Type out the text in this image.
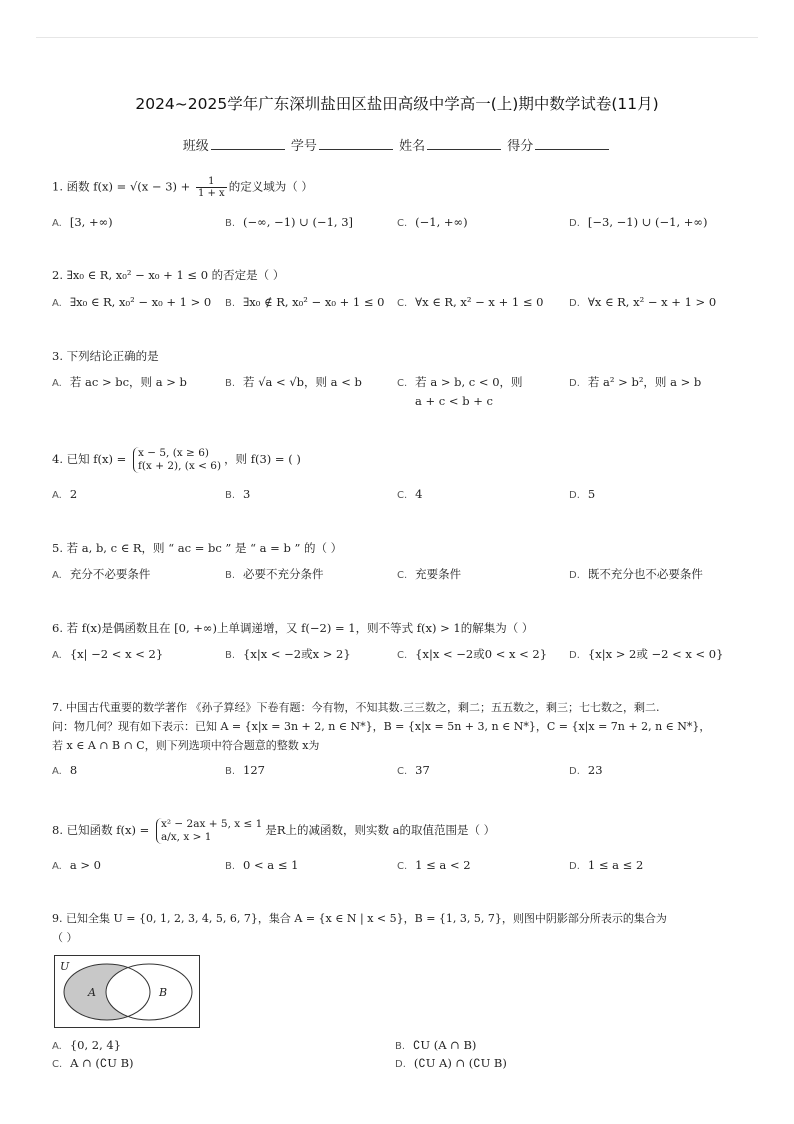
2024~2025学年广东深圳盐田区盐田高级中学高一(上)期中数学试卷(11月)
班级	学号	姓名	得分
1. 函数 $f(x) = √(x - 3) + \frac{1}{1 + x}$ 的定义域为（ ）
A. [3, +∞)	B. (−∞, −1) ∪ (−1, 3]	C. (−1, +∞)	D. [−3, −1) ∪ (−1, +∞)
2. ∃x₀ ∈ R, x₀² − x₀ + 1 ≤ 0 的否定是（ ）
A. ∃x₀ ∈ R, x₀² − x₀ + 1 > 0 B. ∃x₀ ∉ R, x₀² − x₀ + 1 ≤ 0 C. ∀x ∈ R, x² − x + 1 ≤ 0	D. ∀x ∈ R, x² − x + 1 > 0
3. 下列结论正确的是
A. 若 ac > bc，则 a > b	B. 若 √a < √b，则 a < b	C. 若 a > b, c < 0，则
a + c < b + c
D. 若 a² > b²，则 a > b
4. 已知 f(x) = x − 5, (x ≥ 6)
f(x + 2), (x < 6) ，则 f(3) = ( )
A. 2	B. 3	C. 4	D. 5
5. 若 a, b, c ∈ R，则 “ ac = bc ” 是 “ a = b ” 的（ ）
A. 充分不必要条件	B. 必要不充分条件	C. 充要条件	D. 既不充分也不必要条件
6. 若 f(x)是偶函数且在 [0, +∞)上单调递增，又 f(−2) = 1，则不等式 f(x) > 1的解集为（ ）
A. {x| −2 < x < 2}	B. {x|x < −2或x > 2}	C. {x|x < −2或0 < x < 2} D. {x|x > 2或 −2 < x < 0}
7. 中国古代重要的数学著作 《孙子算经》下卷有题：今有物，不知其数.三三数之，剩二；五五数之，剩三；七七数之，剩二.
问：物几何？现有如下表示：已知 A = {x|x = 3n + 2, n ∈ N*}，B = {x|x = 5n + 3, n ∈ N*}，C = {x|x = 7n + 2, n ∈ N*}，
若 x ∈ A ∩ B ∩ C，则下列选项中符合题意的整数 x为
A. 8	B. 127	C. 37	D. 23
8. 已知函数 f(x) = x² − 2ax + 5, x ≤ 1
a/x, x > 1	是R上的减函数，则实数 a的取值范围是（ ）
A. a > 0	B. 0 < a ≤ 1	C. 1 ≤ a < 2	D. 1 ≤ a ≤ 2
9. 已知全集 U = {0, 1, 2, 3, 4, 5, 6, 7}，集合 A = {x ∈ N | x < 5}，B = {1, 3, 5, 7}，则图中阴影部分所表示的集合为
（ ）
U
A	B
A. {0, 2, 4}	B. ∁U (A ∩ B)
C. A ∩ (∁U B)	D. (∁U A) ∩ (∁U B)
